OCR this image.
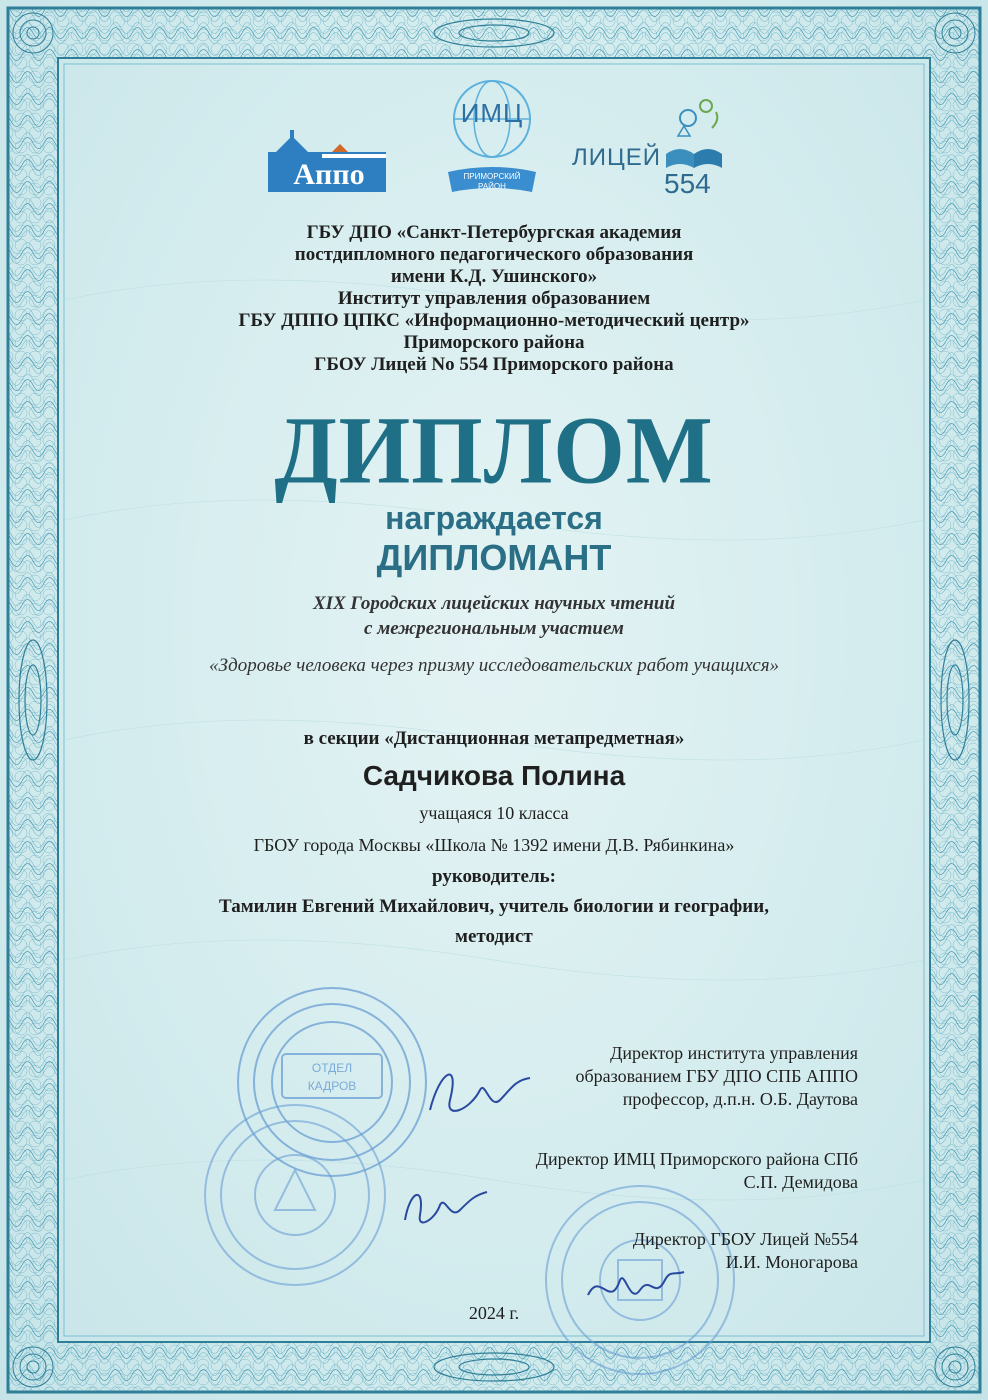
Аппо
ИМЦ
ПРИМОРСКИЙ
РАЙОН
ЛИЦЕЙ
554
ГБУ ДПО «Санкт-Петербургская академия
постдипломного педагогического образования
имени К.Д. Ушинского»
Институт управления образованием
ГБУ ДППО ЦПКС «Информационно-методический центр»
Приморского района
ГБОУ Лицей No 554 Приморского района
ДИПЛОМ
награждается
ДИПЛОМАНТ
XIX Городских лицейских научных чтений
с межрегиональным участием
«Здоровье человека через призму исследовательских работ учащихся»
в секции «Дистанционная метапредметная»
Садчикова Полина
учащаяся 10 класса
ГБОУ города Москвы «Школа № 1392 имени Д.В. Рябинкина»
руководитель:
Тамилин Евгений Михайлович, учитель биологии и географии,
методист
ОТДЕЛ
КАДРОВ
Директор института управления
образованием ГБУ ДПО СПБ АППО
профессор, д.п.н. О.Б. Даутова
Директор ИМЦ Приморского района СПб
С.П. Демидова
Директор ГБОУ Лицей №554
И.И. Моногарова
2024 г.
